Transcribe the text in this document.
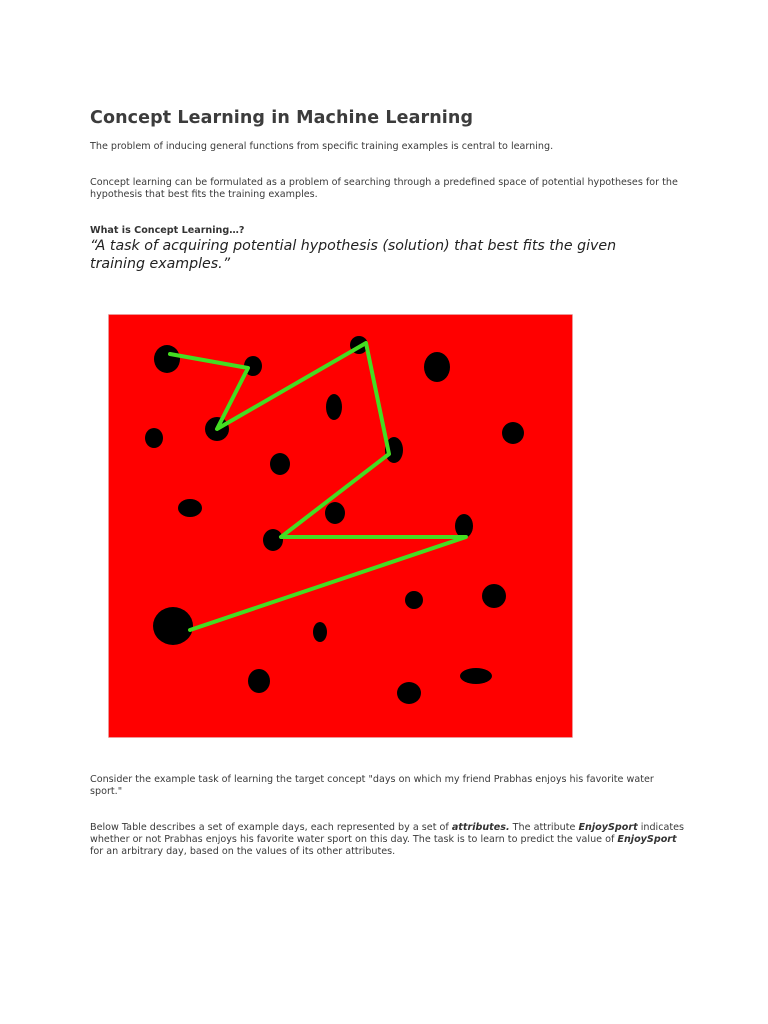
Concept Learning in Machine Learning

The problem of inducing general functions from specific training examples is central to learning.

Concept learning can be formulated as a problem of searching through a predefined space of potential hypotheses for the hypothesis that best fits the training examples.

What is Concept Learning…?

“A task of acquiring potential hypothesis (solution) that best fits the given training examples.”

Consider the example task of learning the target concept "days on which my friend Prabhas enjoys his favorite water sport."

Below Table describes a set of example days, each represented by a set of attributes. The attribute EnjoySport indicates whether or not Prabhas enjoys his favorite water sport on this day. The task is to learn to predict the value of EnjoySport for an arbitrary day, based on the values of its other attributes.
